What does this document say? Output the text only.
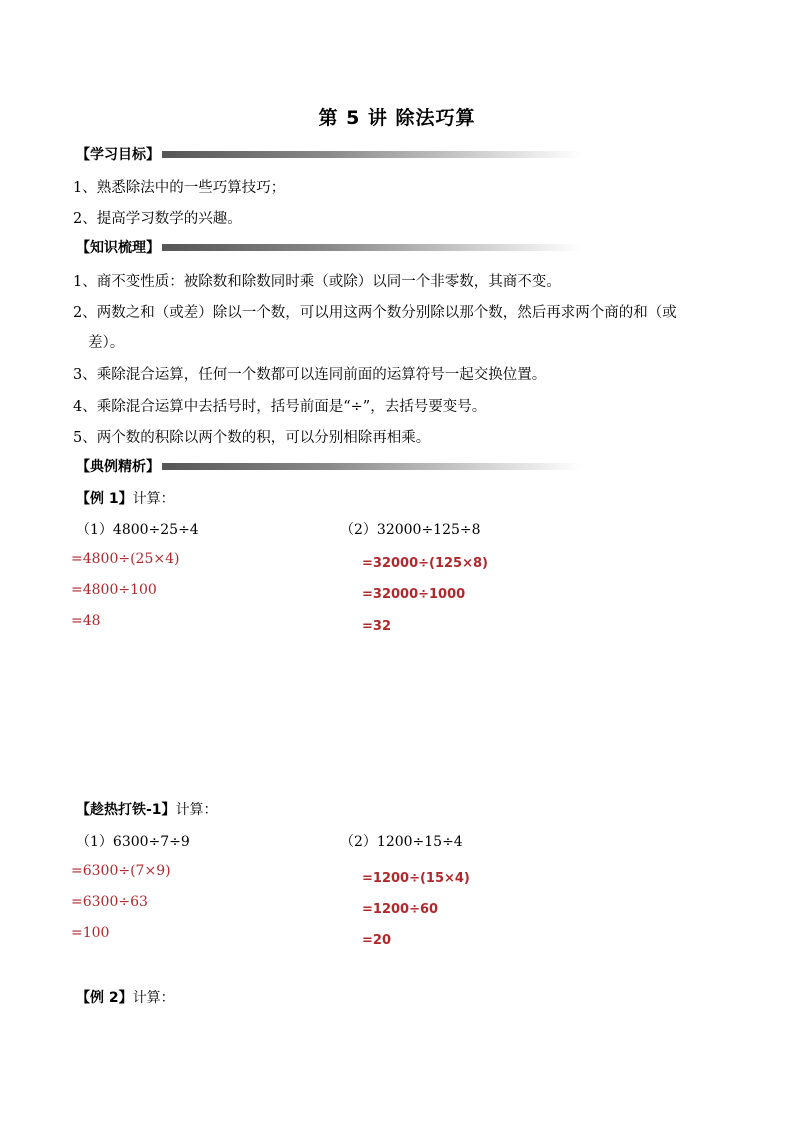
第 5 讲 除法巧算
【学习目标】
1、熟悉除法中的一些巧算技巧；
2、提高学习数学的兴趣。
【知识梳理】
1、商不变性质：被除数和除数同时乘（或除）以同一个非零数，其商不变。
2、两数之和（或差）除以一个数，可以用这两个数分别除以那个数，然后再求两个商的和（或
差）。
3、乘除混合运算，任何一个数都可以连同前面的运算符号一起交换位置。
4、乘除混合运算中去括号时，括号前面是“÷”，去括号要变号。
5、两个数的积除以两个数的积，可以分别相除再相乘。
【典例精析】
【例 1】计算：
（1）4800÷25÷4	（2）32000÷125÷8
=4800÷(25×4)
=4800÷100
=48
=32000÷(125×8)
=32000÷1000
=32
【趁热打铁-1】计算：
（1）6300÷7÷9	（2）1200÷15÷4
=6300÷(7×9)
=6300÷63
=100
=1200÷(15×4)
=1200÷60
=20
【例 2】计算：
